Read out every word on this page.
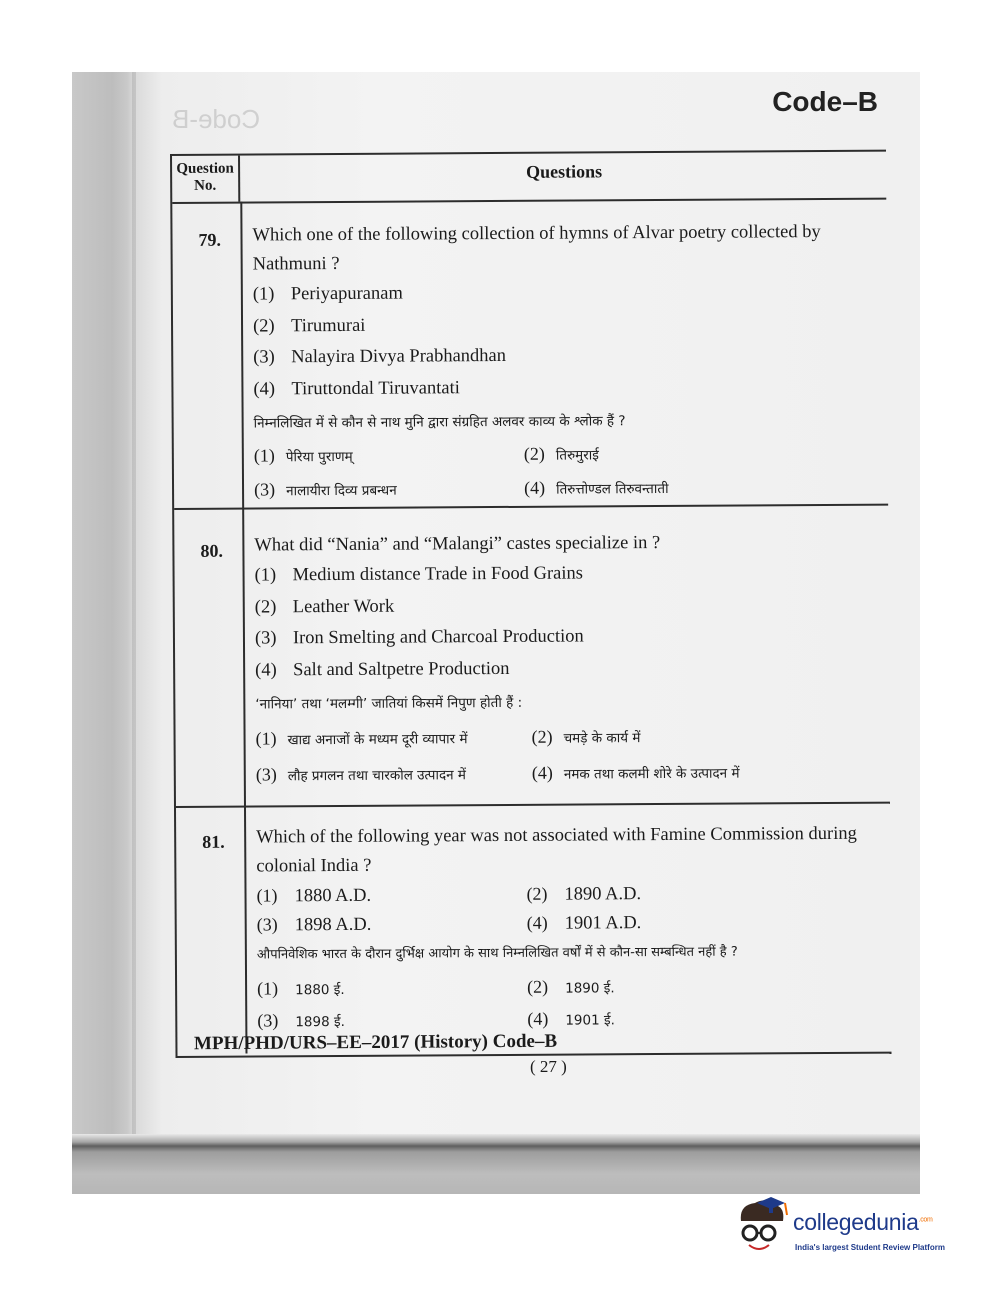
Code-B
Code–B
Question No.
Questions
79. Which one of the following collection of hymns of Alvar poetry collected by Nathmuni ?
(1) Periyapuranam
(2) Tirumurai
(3) Nalayira Divya Prabhandhan
(4) Tiruttondal Tiruvantati
निम्नलिखित में से कौन से नाथ मुनि द्वारा संग्रहित अलवर काव्य के श्लोक हैं ?
(1) पेरिया पुराणम्	(2) तिरुमुराई
(3) नालायीरा दिव्य प्रबन्धन	(4) तिरुत्तोण्डल तिरुवन्ताती
80. What did “Nania” and “Malangi” castes specialize in ?
(1) Medium distance Trade in Food Grains
(2) Leather Work
(3) Iron Smelting and Charcoal Production
(4) Salt and Saltpetre Production
‘नानिया’ तथा ‘मलम्गी’ जातियां किसमें निपुण होती हैं :
(1) खाद्य अनाजों के मध्यम दूरी व्यापार में	(2) चमड़े के कार्य में
(3) लौह प्रगलन तथा चारकोल उत्पादन में	(4) नमक तथा कलमी शोरे के उत्पादन में
81. Which of the following year was not associated with Famine Commission during colonial India ?
(1) 1880 A.D.	(2) 1890 A.D.
(3) 1898 A.D.	(4) 1901 A.D.
औपनिवेशिक भारत के दौरान दुर्भिक्ष आयोग के साथ निम्नलिखित वर्षों में से कौन-सा सम्बन्धित नहीं है ?
(1) 1880 ई.	(2) 1890 ई.
(3) 1898 ई.	(4) 1901 ई.
MPH/PHD/URS–EE–2017 (History) Code–B
( 27 )
collegedunia$^{.com}$
India's largest Student Review Platform
